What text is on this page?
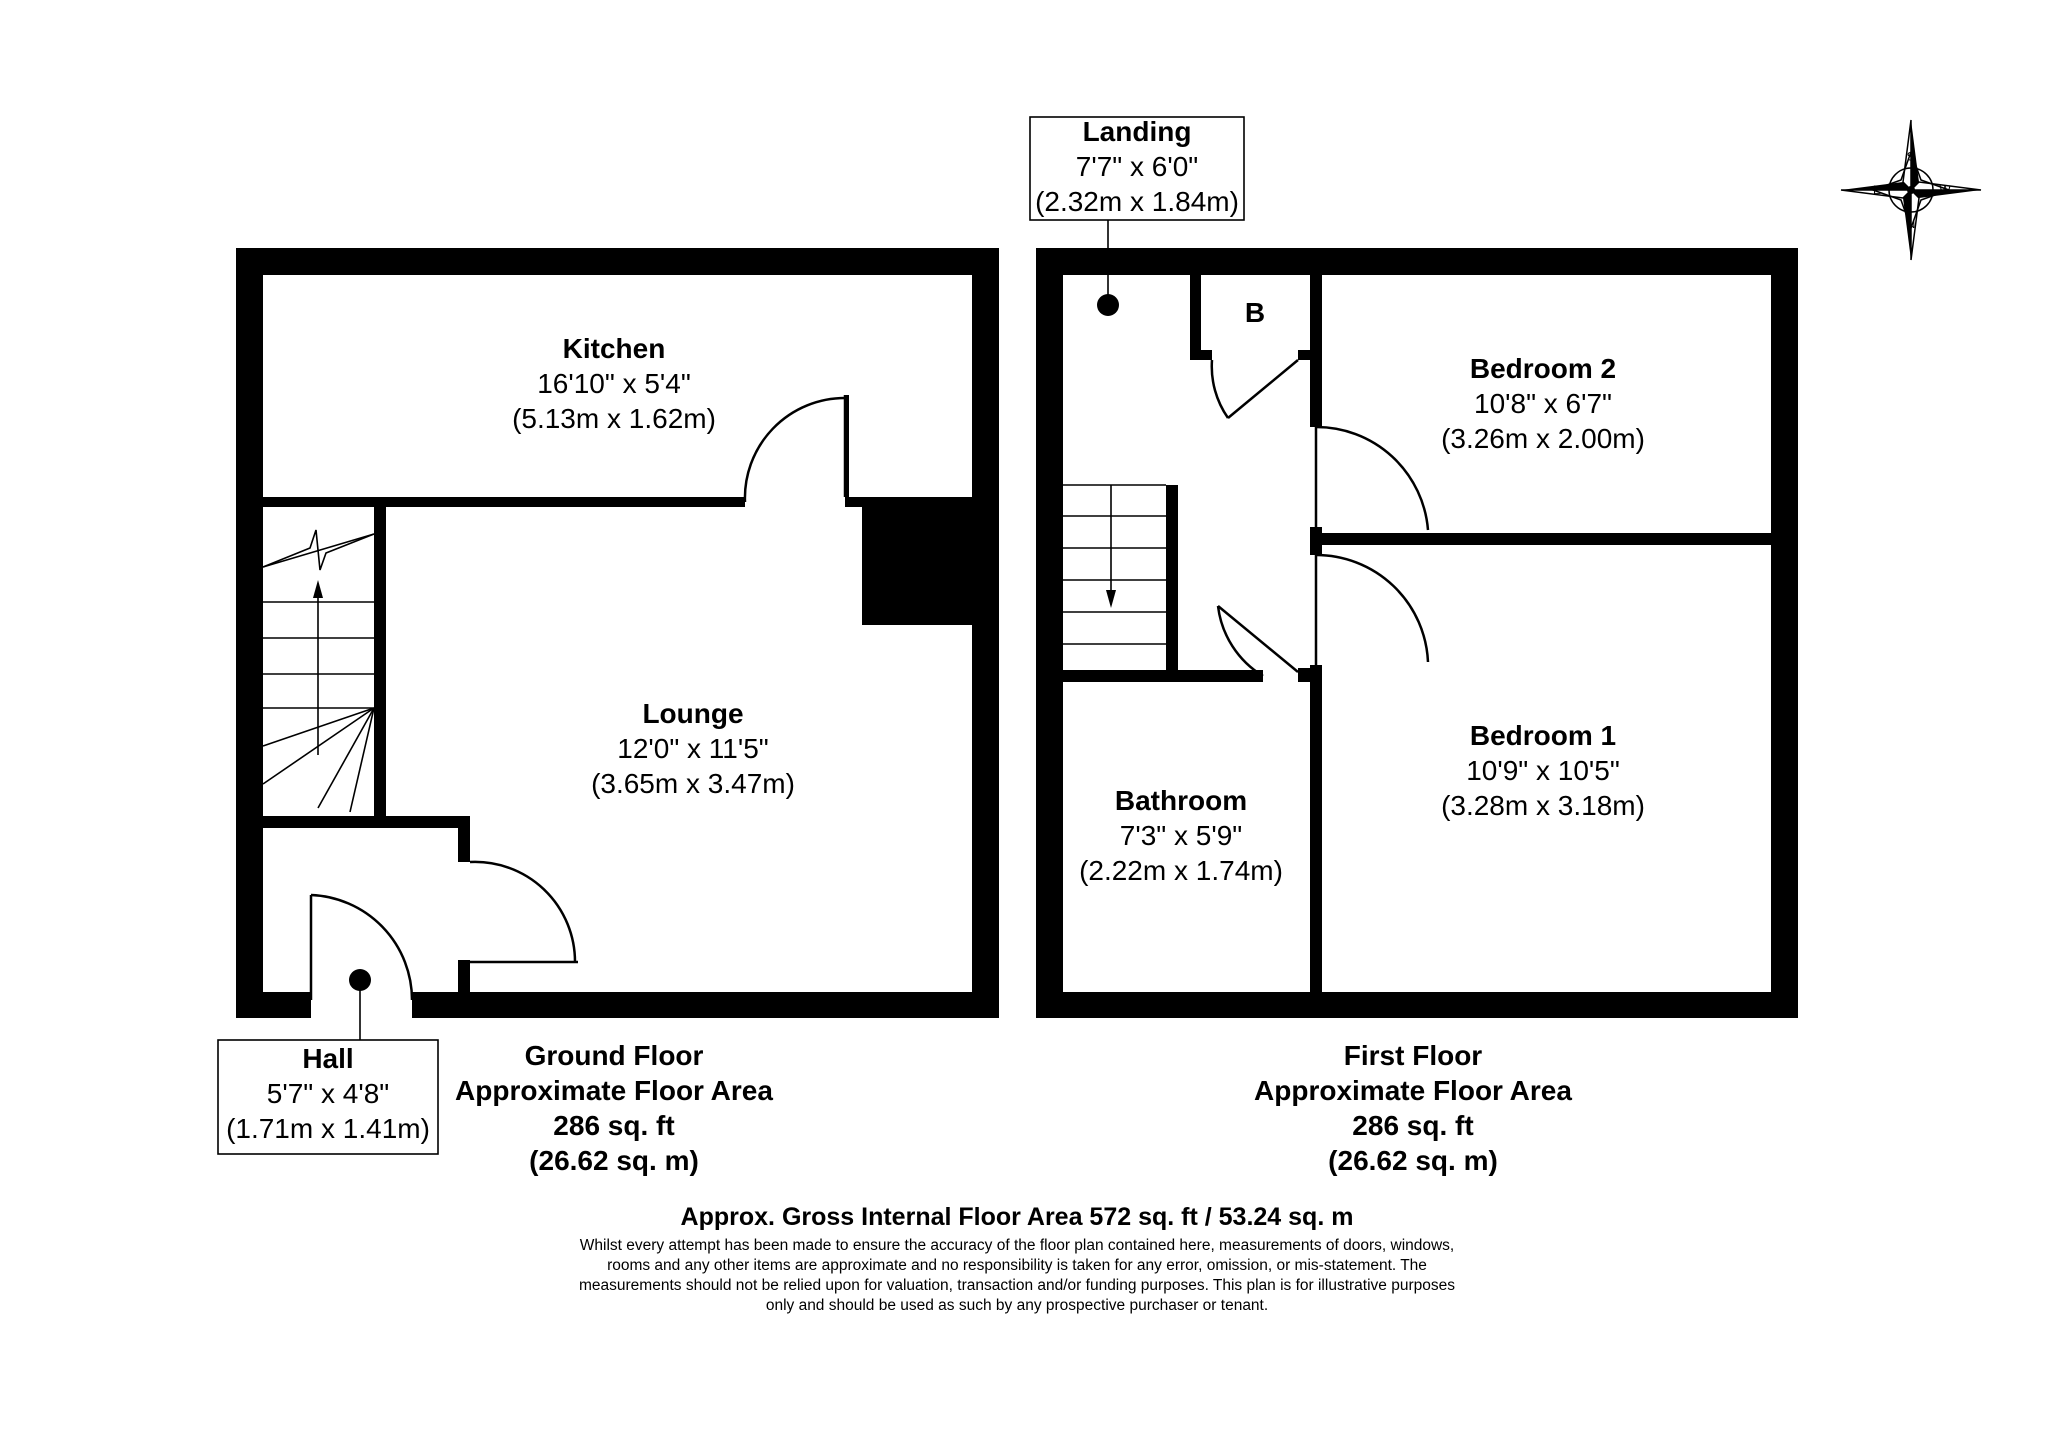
Kitchen
16'10" x 5'4"
(5.13m x 1.62m)
Lounge
12'0" x 11'5"
(3.65m x 3.47m)
Hall
5'7" x 4'8"
(1.71m x 1.41m)
Landing
7'7" x 6'0"
(2.32m x 1.84m)
B
Bedroom 2
10'8" x 6'7"
(3.26m x 2.00m)
Bedroom 1
10'9" x 10'5"
(3.28m x 3.18m)
Bathroom
7'3" x 5'9"
(2.22m x 1.74m)
Ground Floor
Approximate Floor Area
286 sq. ft
(26.62 sq. m)
First Floor
Approximate Floor Area
286 sq. ft
(26.62 sq. m)
Approx. Gross Internal Floor Area 572 sq. ft / 53.24 sq. m
Whilst every attempt has been made to ensure the accuracy of the floor plan contained here, measurements of doors, windows,
rooms and any other items are approximate and no responsibility is taken for any error, omission, or mis-statement. The
measurements should not be relied upon for valuation, transaction and/or funding purposes. This plan is for illustrative purposes
only and should be used as such by any prospective purchaser or tenant.
S
N
E	W
